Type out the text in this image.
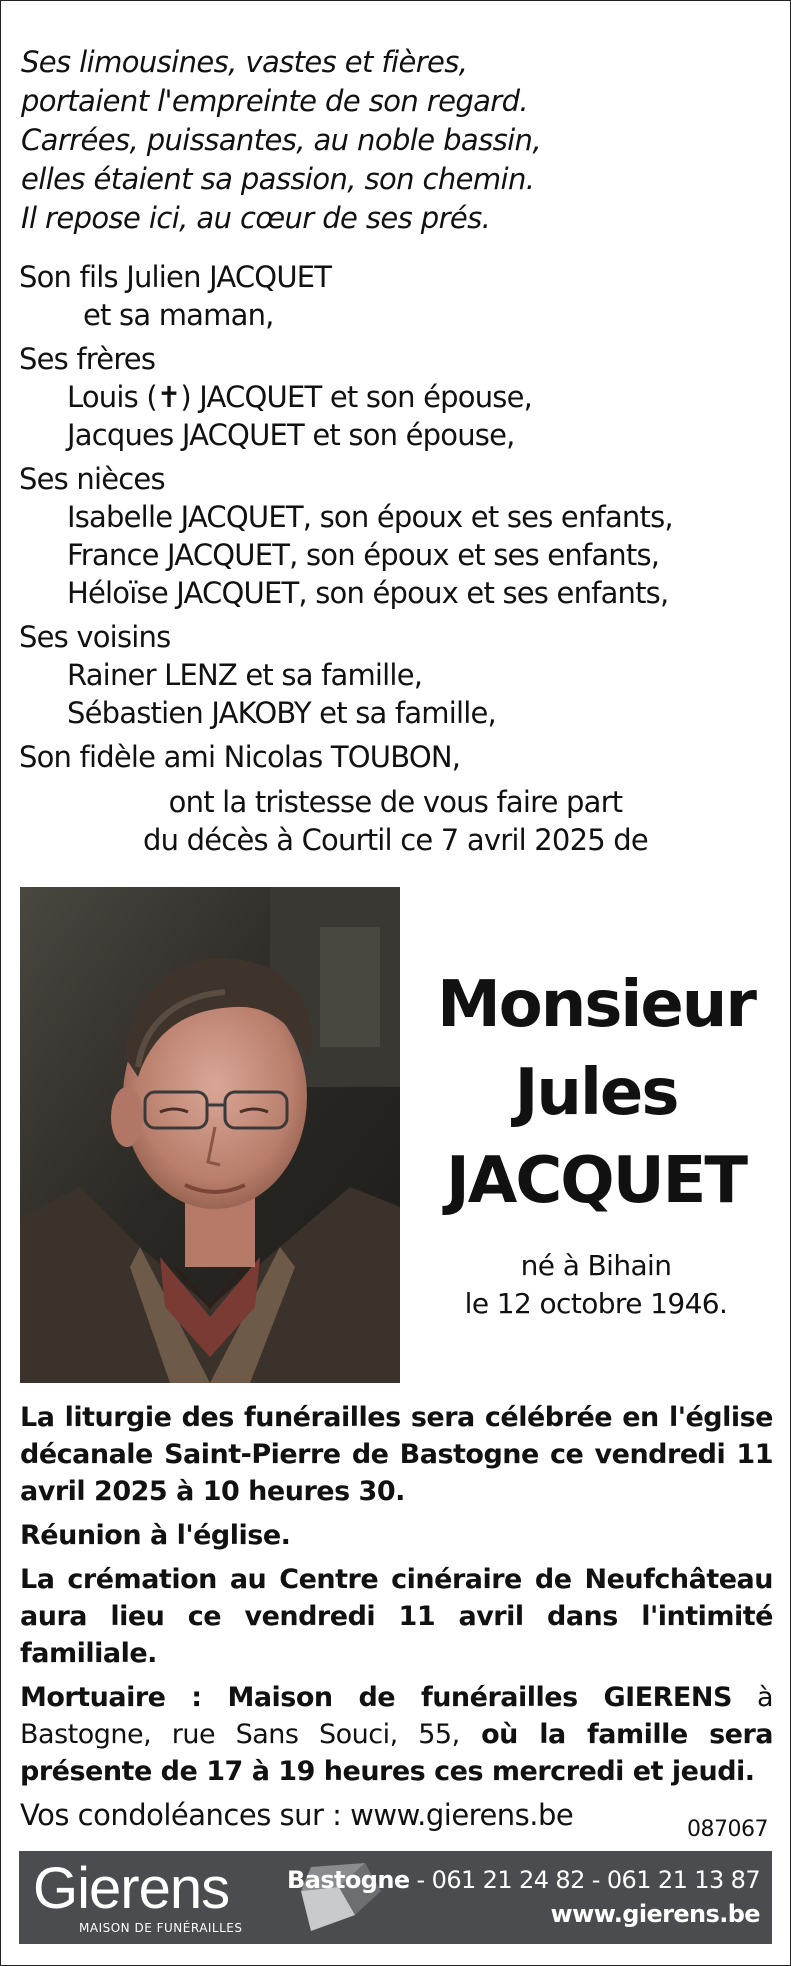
Ses limousines, vastes et fières,
portaient l'empreinte de son regard.
Carrées, puissantes, au noble bassin,
elles étaient sa passion, son chemin.
Il repose ici, au cœur de ses prés.
Son fils Julien JACQUET
et sa maman,
Ses frères
Louis (✝) JACQUET et son épouse,
Jacques JACQUET et son épouse,
Ses nièces
Isabelle JACQUET, son époux et ses enfants,
France JACQUET, son époux et ses enfants,
Héloïse JACQUET, son époux et ses enfants,
Ses voisins
Rainer LENZ et sa famille,
Sébastien JAKOBY et sa famille,
Son fidèle ami Nicolas TOUBON,
ont la tristesse de vous faire part
du décès à Courtil ce 7 avril 2025 de
Monsieur
Jules
JACQUET
né à Bihain
le 12 octobre 1946.

La liturgie des funérailles sera célébrée en l'église décanale Saint-Pierre de Bastogne ce vendredi 11 avril 2025 à 10 heures 30.

Réunion à l'église.

La crémation au Centre cinéraire de Neufchâteau aura lieu ce vendredi 11 avril dans l'intimité familiale.

Mortuaire : Maison de funérailles GIERENS à Bastogne, rue Sans Souci, 55, où la famille sera présente de 17 à 19 heures ces mercredi et jeudi.

Vos condoléances sur : www.gierens.be	087067
Gierens
MAISON DE FUNÉRAILLES
Bastogne - 061 21 24 82 - 061 21 13 87
www.gierens.be
